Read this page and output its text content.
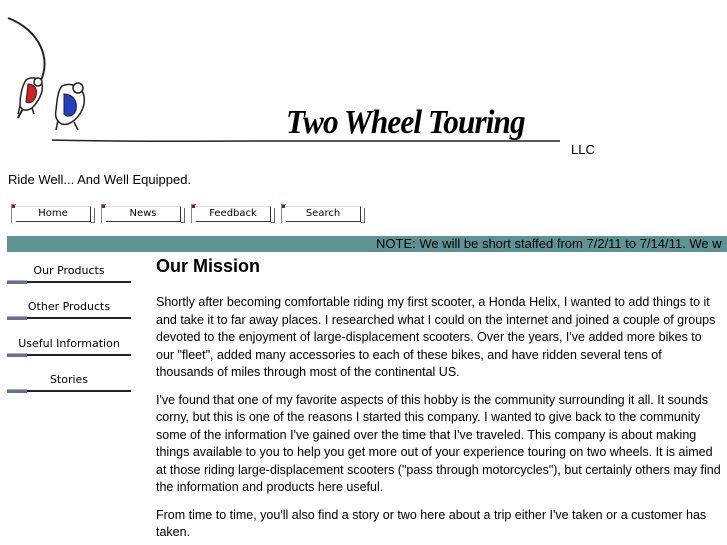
Two Wheel Touring
LLC
Ride Well... And Well Equipped.
Home	News	Feedback	Search
NOTE: We will be short staffed from 7/2/11 to 7/14/11. We w
Our Products
Other Products
Useful Information
Stories
Our Mission

Shortly after becoming comfortable riding my first scooter, a Honda Helix, I wanted to add things to it and take it to far away places. I researched what I could on the internet and joined a couple of groups devoted to the enjoyment of large-displacement scooters. Over the years, I've added more bikes to our "fleet", added many accessories to each of these bikes, and have ridden several tens of thousands of miles through most of the continental US.

I've found that one of my favorite aspects of this hobby is the community surrounding it all. It sounds corny, but this is one of the reasons I started this company. I wanted to give back to the community some of the information I've gained over the time that I've traveled. This company is about making things available to you to help you get more out of your experience touring on two wheels. It is aimed at those riding large-displacement scooters ("pass through motorcycles"), but certainly others may find the information and products here useful.

From time to time, you'll also find a story or two here about a trip either I've taken or a customer has taken.
